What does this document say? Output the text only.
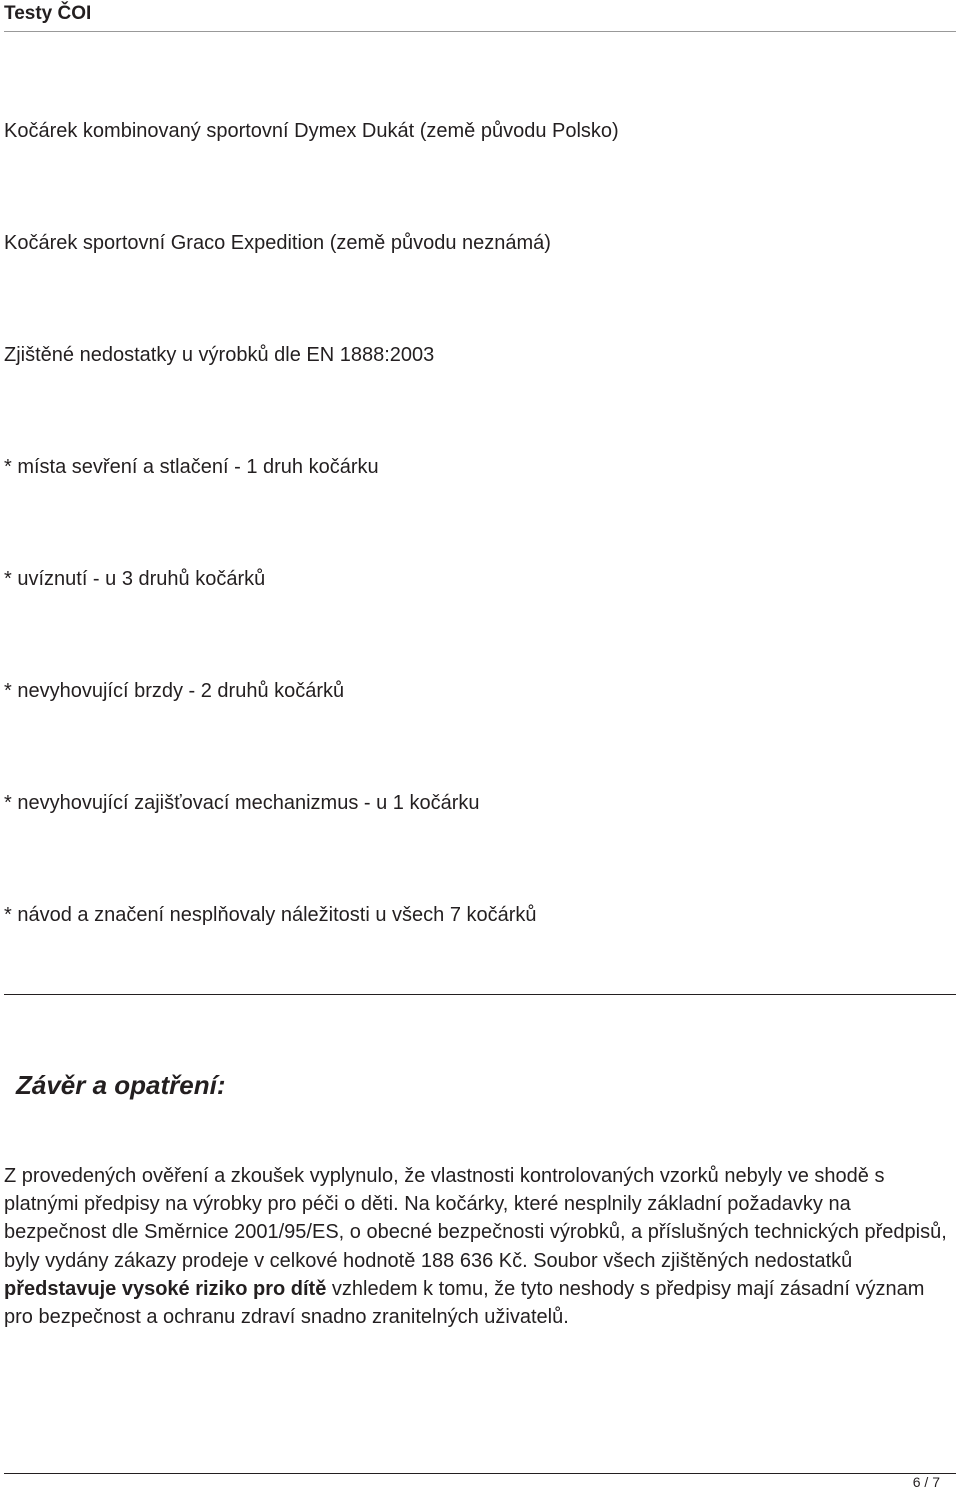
Testy ČOI
Kočárek kombinovaný sportovní Dymex Dukát (země původu Polsko)
Kočárek sportovní Graco Expedition (země původu neznámá)
Zjištěné nedostatky u výrobků dle EN 1888:2003
* místa sevření a stlačení - 1 druh kočárku
* uvíznutí - u 3 druhů kočárků
* nevyhovující brzdy - 2 druhů kočárků
* nevyhovující zajišťovací mechanizmus - u 1 kočárku
* návod a značení nesplňovaly náležitosti u všech 7 kočárků
Závěr a opatření:

Z provedených ověření a zkoušek vyplynulo, že vlastnosti kontrolovaných vzorků nebyly ve shodě s platnými předpisy na výrobky pro péči o děti. Na kočárky, které nesplnily základní požadavky na bezpečnost dle Směrnice 2001/95/ES, o obecné bezpečnosti výrobků, a příslušných technických předpisů, byly vydány zákazy prodeje v celkové hodnotě 188 636 Kč. Soubor všech zjištěných nedostatků představuje vysoké riziko pro dítě vzhledem k tomu, že tyto neshody s předpisy mají zásadní význam pro bezpečnost a ochranu zdraví snadno zranitelných uživatelů.

6 / 7
